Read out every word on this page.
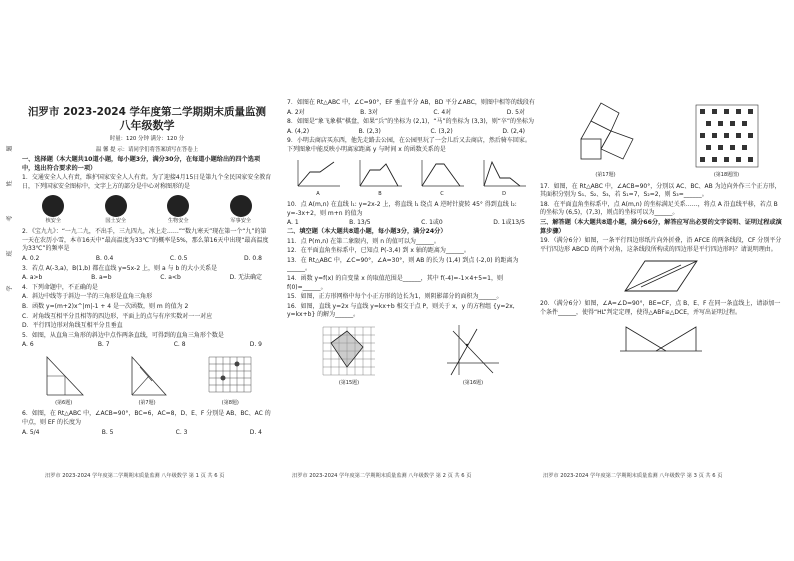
题
姓
考
班
学
汨罗市 2023-2024 学年度第二学期期末质量监测
八年级数学
时量：120 分钟 满分：120 分
温 馨 提 示：请同学们将答案填写在答卷上
一、选择题（本大题共10道小题，每小题3分，满分30分，在每道小题给出的四个选项中，选出符合要求的一项）
1．交通安全人人有责，维护国家安全人人有责。为了迎接4月15日是第九个全民国家安全教育日，下列国家安全图标中，文字上方的部分是中心对称图形的是
核安全	国土安全	生物安全	军事安全
2．《宝九九》：“一九二九，不出手，三九四九，冰上走……”“数九寒天”现在第一个“九”的第一天在农历小雪，本市16天中“最高温度为33℃”的概率是5%，那么第16天中出现“最高温度为33℃”的频率是
A. 0.2	B. 0.4	C. 0.5	D. 0.8
3．若点 A(-3,a)，B(1,b) 都在直线 y=5x-2 上，则 a 与 b 的大小关系是
A. a>b	B. a=b	C. a<b	D. 无法确定
4．下列命题中，不正确的是
A．斜边中线等于斜边一半的三角形是直角三角形
B．函数 y=(m+2)x^|m|-1 + 4 是一次函数，则 m 的值为 2
C．对角线互相平分且相等的四边形，平面上的点与有序实数对一一对应
D．平行四边形对角线互相平分且垂直
5．如图，从直角三角形的斜边中点作两条直线，可得到的直角三角形个数是
A. 6	B. 7	C. 8	D. 9
(第6题)	(第7题)	(第8题)
6．如图，在 Rt△ABC 中，∠ACB=90°，BC=6，AC=8，D、E、F 分别是 AB、BC、AC 的中点，则 EF 的长度为
A. 5/4	B. 5	C. 3	D. 4
汨罗市 2023-2024 学年度第二学期期末质量监测 八年级数学 第 1 页 共 6 页
7．如图在 Rt△ABC 中，∠C=90°，EF 垂直平分 AB，BD 平分∠ABC，则图中相等的线段有
A. 2对	B. 3对	C. 4对	D. 5对
8．如图是“象飞象棋”棋盘，如果“兵”的坐标为 (2,1)，“马”的坐标为 (3,3)，则“卒”的坐标为
A. (4,2)	B. (2,3)	C. (3,2)	D. (2,4)
9．小明去商店买东西，他先走路去公园，在公园里玩了一会儿后又去商店，然后骑车回家。下列图象中能反映小明离家距离 y 与时间 x 的函数关系的是
A	B	C	D
10．点 A(m,n) 在直线 l₁: y=2x-2 上，将直线 l₁ 绕点 A 逆时针旋转 45° 得到直线 l₂: y=-3x+2，则 m+n 的值为
A. 1	B. 13/5	C. 1或0	D. 1或13/5
二、填空题（本大题共8道小题，每小题3分，满分24分）
11．点 P(m,n) 在第二象限内，则 n 的值可以为______。
12．在平面直角坐标系中，已知点 P(-3,4) 到 x 轴的距离为______。
13．在 Rt△ABC 中，∠C=90°，∠A=30°，则 AB 的长为 (1,4) 到点 (-2,0) 的距离为______。
14．函数 y=f(x) 的自变量 x 的取值范围是______，其中 f(-4)=-1×4+5=1，则 f(0)=______。
15．如图，正方形网格中每个小正方形的边长为1，则阴影部分的面积为______。
16．如图，直线 y=2x 与直线 y=kx+b 相交于点 P，则关于 x，y 的方程组 {y=2x, y=kx+b} 的解为______。
(第15题)	(第16题)
汨罗市 2023-2024 学年度第二学期期末质量监测 八年级数学 第 2 页 共 6 页
(第17题)	(第18题图)
17．如图，在 Rt△ABC 中，∠ACB=90°，分别以 AC、BC、AB 为边向外作三个正方形，其面积分别为 S₁、S₂、S₃，若 S₁=7，S₂=2，则 S₃=______。
18．在平面直角坐标系中，点 A(m,n) 的坐标满足关系……，将点 A 沿直线平移，若点 B 的坐标为 (6,5)，(7,3)，则点的坐标可以为______。
三、解答题（本大题共8道小题，满分66分，解答应写出必要的文字说明、证明过程或演算步骤）
19．（满分6分）如图，一条平行四边形纸片向外折叠，沿 AFCE 的两条线段，CF 分别平分平行四边形 ABCD 的两个对角，这条线段所构成的四边形是平行四边形吗？请说明理由。
20．（满分6分）如图，∠A=∠D=90°，BE=CF，点 B、E、F 在同一条直线上，请添加一个条件______，使得“HL”判定定理，使得△ABF≌△DCE，并写出证明过程。
汨罗市 2023-2024 学年度第二学期期末质量监测 八年级数学 第 3 页 共 6 页
